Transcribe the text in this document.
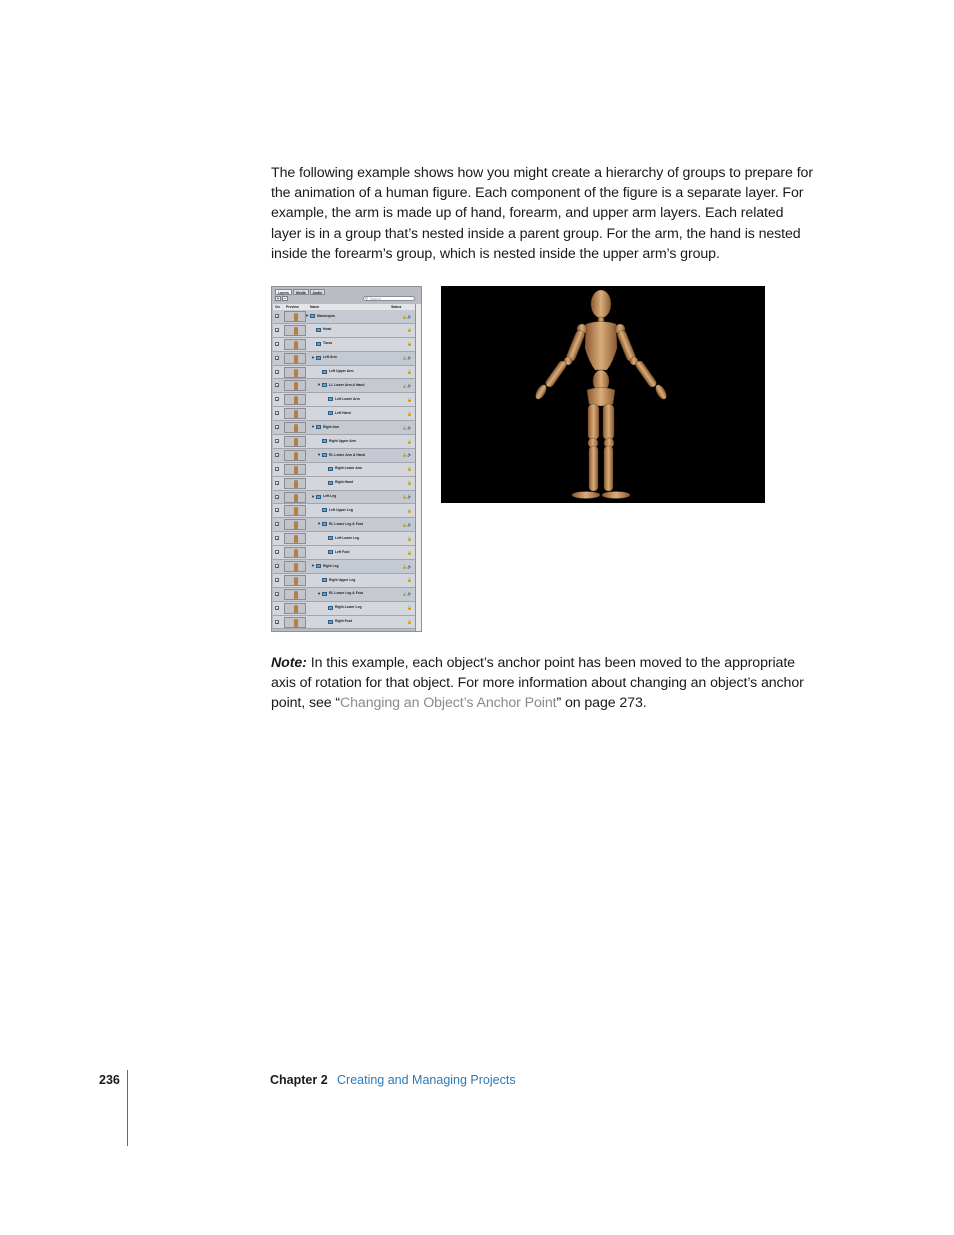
The following example shows how you might create a hierarchy of groups to prepare for the animation of a human figure. Each component of the figure is a separate layer. For example, the arm is made up of hand, forearm, and upper arm layers. Each related layer is in a group that’s nested inside a parent group. For the arm, the hand is nested inside the forearm’s group, which is nested inside the upper arm’s group.

Layers	Media	Audio
+ −	⚲ Search
On Preview	Name	Status
✓	▼ Mannequin	🔒🔊
✓	Head	🔒
✓	Torso	🔒
✓	▼ Left Arm	🔒🔊
✓	Left Upper Arm	🔒
✓	▼ LL Lower Arm & Hand	🔒🔊
✓	Left Lower Arm	🔒
✓	Left Hand	🔒
✓	▼ Right Arm	🔒🔊
✓	Right Upper Arm	🔒
✓	▼ RL Lower Arm & Hand	🔒🔊
✓	Right Lower Arm	🔒
✓	Right Hand	🔒
✓	▼ Left Leg	🔒🔊
✓	Left Upper Leg	🔒
✓	▼ RL Lower Leg & Foot	🔒🔊
✓	Left Lower Leg	🔒
✓	Left Foot	🔒
✓	▼ Right Leg	🔒🔊
✓	Right Upper Leg	🔒
✓	▼ RL Lower Leg & Foot	🔒🔊
✓	Right Lower Leg	🔒
✓	Right Foot	🔒

Note: In this example, each object’s anchor point has been moved to the appropriate axis of rotation for that object. For more information about changing an object’s anchor point, see “Changing an Object’s Anchor Point” on page 273.

236	Chapter 2 Creating and Managing Projects
